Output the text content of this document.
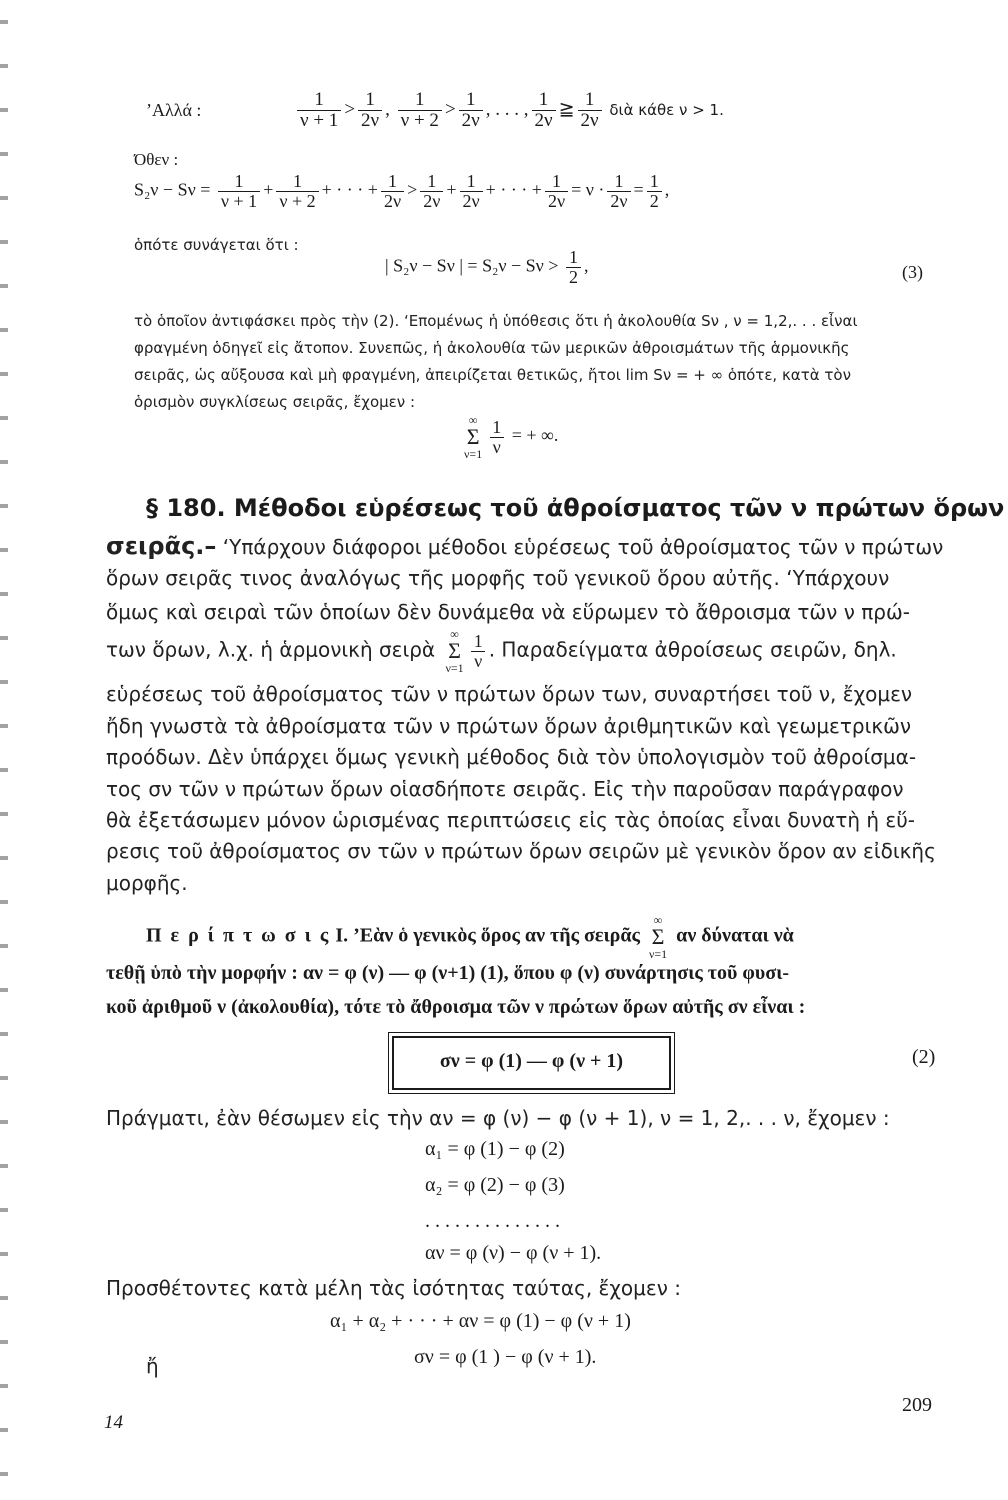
’Αλλά :	$\frac{1}{\nu + 1} > \frac{1}{2\nu}$ , $\frac{1}{\nu + 2} > \frac{1}{2\nu}$ , . . . , $\frac{1}{2\nu}$ ≧ $\frac{1}{2\nu}$ διὰ κάθε ν > 1.
Όθεν :
$S_2\nu - S\nu = \frac{1}{\nu + 1} + \frac{1}{\nu + 2}$ + · · · + $\frac{1}{2\nu} > \frac{1}{2\nu} + \frac{1}{2\nu}$ + · · · + $\frac{1}{2\nu} = \nu \cdot \frac{1}{2\nu} = \frac{1}{2}$ ,
ὁπότε συνάγεται ὅτι :
| S₂ν − Sν | = $S_2\nu - S\nu > \frac{1}{2}$ ,	(3)
τὸ ὁποῖον ἀντιφάσκει πρὸς τὴν (2). ‘Επομένως ἡ ὑπόθεσις ὅτι ἡ ἀκολουθία Sν , ν = 1,2,. . . εἶναι
φραγμένη ὁδηγεῖ εἰς ἄτοπον. Συνεπῶς, ἡ ἀκολουθία τῶν μερικῶν ἀθροισμάτων τῆς ἁρμονικῆς
σειρᾶς, ὡς αὔξουσα καὶ μὴ φραγμένη, ἀπειρίζεται θετικῶς, ἤτοι lim Sν = + ∞ ὁπότε, κατὰ τὸν
ὁρισμὸν συγκλίσεως σειρᾶς, ἔχομεν :
∞
Σ
$\nu=1 \frac{1}{\nu}$ = + ∞.
§ 180. Μέθοδοι εὑρέσεως τοῦ ἀθροίσματος τῶν ν πρώτων ὅρων
σειρᾶς.– ‘Υπάρχουν διάφοροι μέθοδοι εὑρέσεως τοῦ ἀθροίσματος τῶν ν πρώτων
ὅρων σειρᾶς τινος ἀναλόγως τῆς μορφῆς τοῦ γενικοῦ ὅρου αὐτῆς. ‘Υπάρχουν
ὅμως καὶ σειραὶ τῶν ὁποίων δὲν δυνάμεθα νὰ εὕρωμεν τὸ ἄθροισμα τῶν ν πρώ-
των ὅρων, λ.χ. ἡ ἁρμονικὴ σειρὰ
∞
Σ
$\nu=1 \frac{1}{\nu}$ . Παραδείγματα ἀθροίσεως σειρῶν, δηλ.
εὑρέσεως τοῦ ἀθροίσματος τῶν ν πρώτων ὅρων των, συναρτήσει τοῦ ν, ἔχομεν
ἤδη γνωστὰ τὰ ἀθροίσματα τῶν ν πρώτων ὅρων ἀριθμητικῶν καὶ γεωμετρικῶν
προόδων. Δὲν ὑπάρχει ὅμως γενικὴ μέθοδος διὰ τὸν ὑπολογισμὸν τοῦ ἀθροίσμα-
τος σν τῶν ν πρώτων ὅρων οἱασδήποτε σειρᾶς. Εἰς τὴν παροῦσαν παράγραφον
θὰ ἐξετάσωμεν μόνον ὡρισμένας περιπτώσεις εἰς τὰς ὁποίας εἶναι δυνατὴ ἡ εὕ-
ρεσις τοῦ ἀθροίσματος σν τῶν ν πρώτων ὅρων σειρῶν μὲ γενικὸν ὅρον αν εἰδικῆς
μορφῆς.
Π ε ρ ί π τ ω σ ι ς I. ’Εὰν ὁ γενικὸς ὅρος αν τῆς σειρᾶς
∞
Σ
ν=1
αν δύναται νὰ
τεθῇ ὑπὸ τὴν μορφήν : αν = φ (ν) — φ (ν+1) (1), ὅπου φ (ν) συνάρτησις τοῦ φυσι-
κοῦ ἀριθμοῦ ν (ἀκολουθία), τότε τὸ ἄθροισμα τῶν ν πρώτων ὅρων αὐτῆς σν εἶναι :
σν = φ (1) — φ (ν + 1)	(2)
Πράγματι, ἐὰν θέσωμεν εἰς τὴν αν = φ (ν) − φ (ν + 1), ν = 1, 2,. . . ν, ἔχομεν :
α₁ = φ (1) − φ (2)
α₂ = φ (2) − φ (3)
. . . . . . . . . . . . . .
αν = φ (ν) − φ (ν + 1).
Προσθέτοντες κατὰ μέλη τὰς ἰσότητας ταύτας, ἔχομεν :
α₁ + α₂ + · · · + αν = φ (1) − φ (ν + 1)
ἤ	σν = φ (1 ) − φ (ν + 1).
14
209
